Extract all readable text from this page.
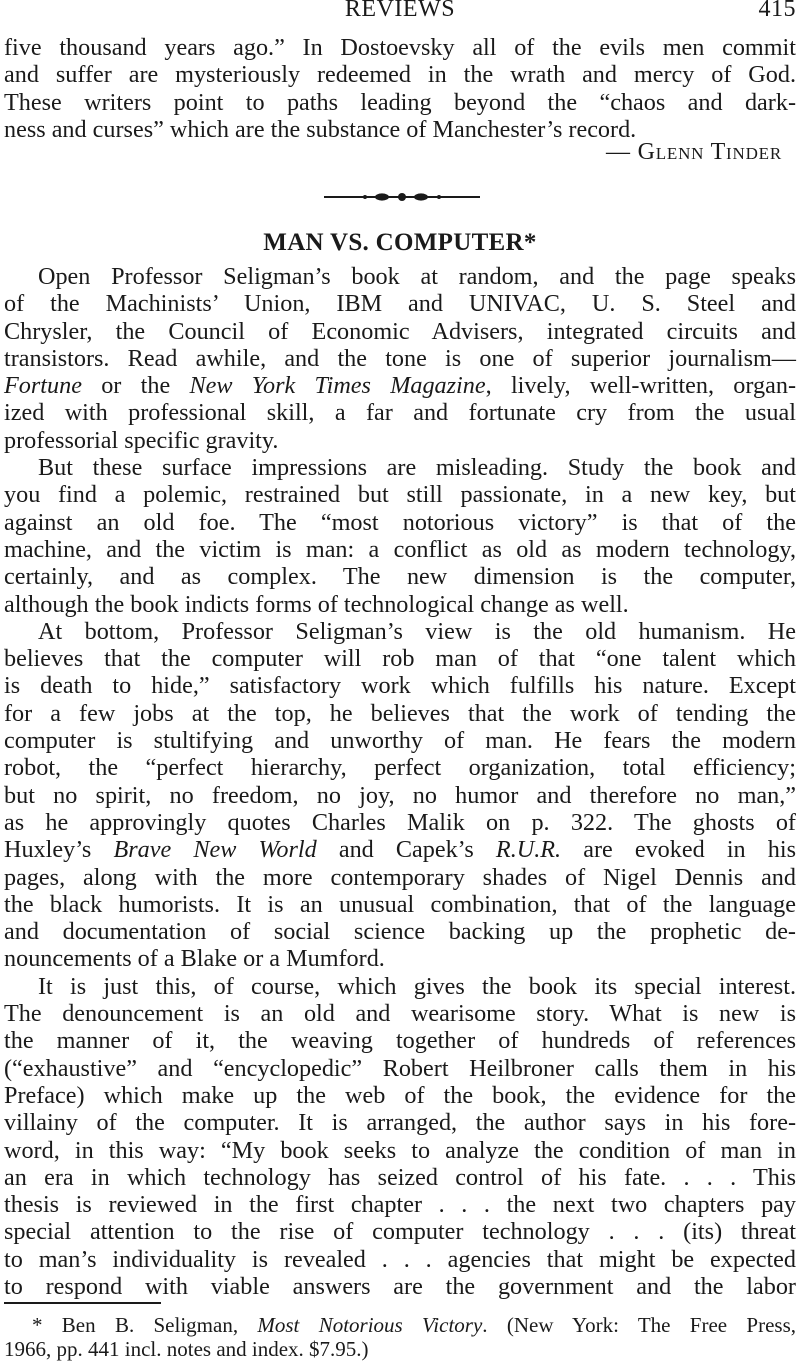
REVIEWS	415
five thousand years ago.” In Dostoevsky all of the evils men commit
and suffer are mysteriously redeemed in the wrath and mercy of God.
These writers point to paths leading beyond the “chaos and dark-
ness and curses” which are the substance of Manchester’s record.
— Glenn Tinder
MAN VS. COMPUTER*
Open Professor Seligman’s book at random, and the page speaks
of the Machinists’ Union, IBM and UNIVAC, U. S. Steel and
Chrysler, the Council of Economic Advisers, integrated circuits and
transistors. Read awhile, and the tone is one of superior journalism—
Fortune or the New York Times Magazine, lively, well-written, organ-
ized with professional skill, a far and fortunate cry from the usual
professorial specific gravity.
But these surface impressions are misleading. Study the book and
you find a polemic, restrained but still passionate, in a new key, but
against an old foe. The “most notorious victory” is that of the
machine, and the victim is man: a conflict as old as modern technology,
certainly, and as complex. The new dimension is the computer,
although the book indicts forms of technological change as well.
At bottom, Professor Seligman’s view is the old humanism. He
believes that the computer will rob man of that “one talent which
is death to hide,” satisfactory work which fulfills his nature. Except
for a few jobs at the top, he believes that the work of tending the
computer is stultifying and unworthy of man. He fears the modern
robot, the “perfect hierarchy, perfect organization, total efficiency;
but no spirit, no freedom, no joy, no humor and therefore no man,”
as he approvingly quotes Charles Malik on p. 322. The ghosts of
Huxley’s Brave New World and Capek’s R.U.R. are evoked in his
pages, along with the more contemporary shades of Nigel Dennis and
the black humorists. It is an unusual combination, that of the language
and documentation of social science backing up the prophetic de-
nouncements of a Blake or a Mumford.
It is just this, of course, which gives the book its special interest.
The denouncement is an old and wearisome story. What is new is
the manner of it, the weaving together of hundreds of references
(“exhaustive” and “encyclopedic” Robert Heilbroner calls them in his
Preface) which make up the web of the book, the evidence for the
villainy of the computer. It is arranged, the author says in his fore-
word, in this way: “My book seeks to analyze the condition of man in
an era in which technology has seized control of his fate. . . . This
thesis is reviewed in the first chapter . . . the next two chapters pay
special attention to the rise of computer technology . . . (its) threat
to man’s individuality is revealed . . . agencies that might be expected
to respond with viable answers are the government and the labor
* Ben B. Seligman, Most Notorious Victory. (New York: The Free Press,
1966, pp. 441 incl. notes and index. $7.95.)
